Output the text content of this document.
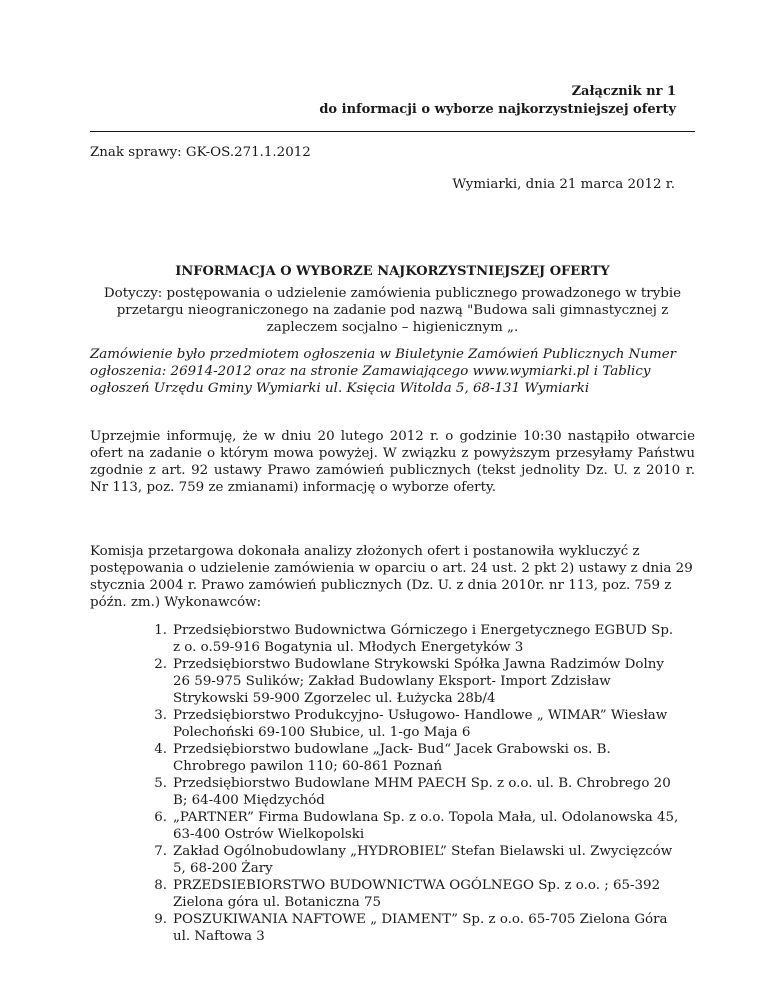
Załącznik nr 1
do informacji o wyborze najkorzystniejszej oferty
Znak sprawy: GK-OS.271.1.2012
Wymiarki, dnia 21 marca 2012 r.
INFORMACJA O WYBORZE NAJKORZYSTNIEJSZEJ OFERTY
Dotyczy: postępowania o udzielenie zamówienia publicznego prowadzonego w trybie przetargu nieograniczonego na zadanie pod nazwą "Budowa sali gimnastycznej z zapleczem socjalno – higienicznym „.
Zamówienie było przedmiotem ogłoszenia w Biuletynie Zamówień Publicznych Numer ogłoszenia: 26914-2012 oraz na stronie Zamawiającego www.wymiarki.pl i Tablicy ogłoszeń Urzędu Gminy Wymiarki ul. Księcia Witolda 5, 68-131 Wymiarki
Uprzejmie informuję, że w dniu 20 lutego 2012 r. o godzinie 10:30 nastąpiło otwarcie ofert na zadanie o którym mowa powyżej. W związku z powyższym przesyłamy Państwu zgodnie z art. 92 ustawy Prawo zamówień publicznych (tekst jednolity Dz. U. z 2010 r. Nr 113, poz. 759 ze zmianami) informację o wyborze oferty.
Komisja przetargowa dokonała analizy złożonych ofert i postanowiła wykluczyć z postępowania o udzielenie zamówienia w oparciu o art. 24 ust. 2 pkt 2) ustawy z dnia 29 stycznia 2004 r. Prawo zamówień publicznych (Dz. U. z dnia 2010r. nr 113, poz. 759 z późn. zm.) Wykonawców:
1. Przedsiębiorstwo Budownictwa Górniczego i Energetycznego EGBUD Sp. z o. o.59-916 Bogatynia ul. Młodych Energetyków 3
2. Przedsiębiorstwo Budowlane Strykowski Spółka Jawna Radzimów Dolny 26 59-975 Sulików; Zakład Budowlany Eksport- Import Zdzisław Strykowski 59-900 Zgorzelec ul. Łużycka 28b/4
3. Przedsiębiorstwo Produkcyjno- Usługowo- Handlowe „ WIMAR” Wiesław Polechoński 69-100 Słubice, ul. 1-go Maja 6
4. Przedsiębiorstwo budowlane „Jack- Bud“ Jacek Grabowski os. B. Chrobrego pawilon 110; 60-861 Poznań
5. Przedsiębiorstwo Budowlane MHM PAECH Sp. z o.o. ul. B. Chrobrego 20 B; 64-400 Międzychód
6. „PARTNER” Firma Budowlana Sp. z o.o. Topola Mała, ul. Odolanowska 45, 63-400 Ostrów Wielkopolski
7. Zakład Ogólnobudowlany „HYDROBIEL” Stefan Bielawski ul. Zwycięzców 5, 68-200 Żary
8. PRZEDSIEBIORSTWO BUDOWNICTWA OGÓLNEGO Sp. z o.o. ; 65-392 Zielona góra ul. Botaniczna 75
9. POSZUKIWANIA NAFTOWE „ DIAMENT” Sp. z o.o. 65-705 Zielona Góra ul. Naftowa 3
